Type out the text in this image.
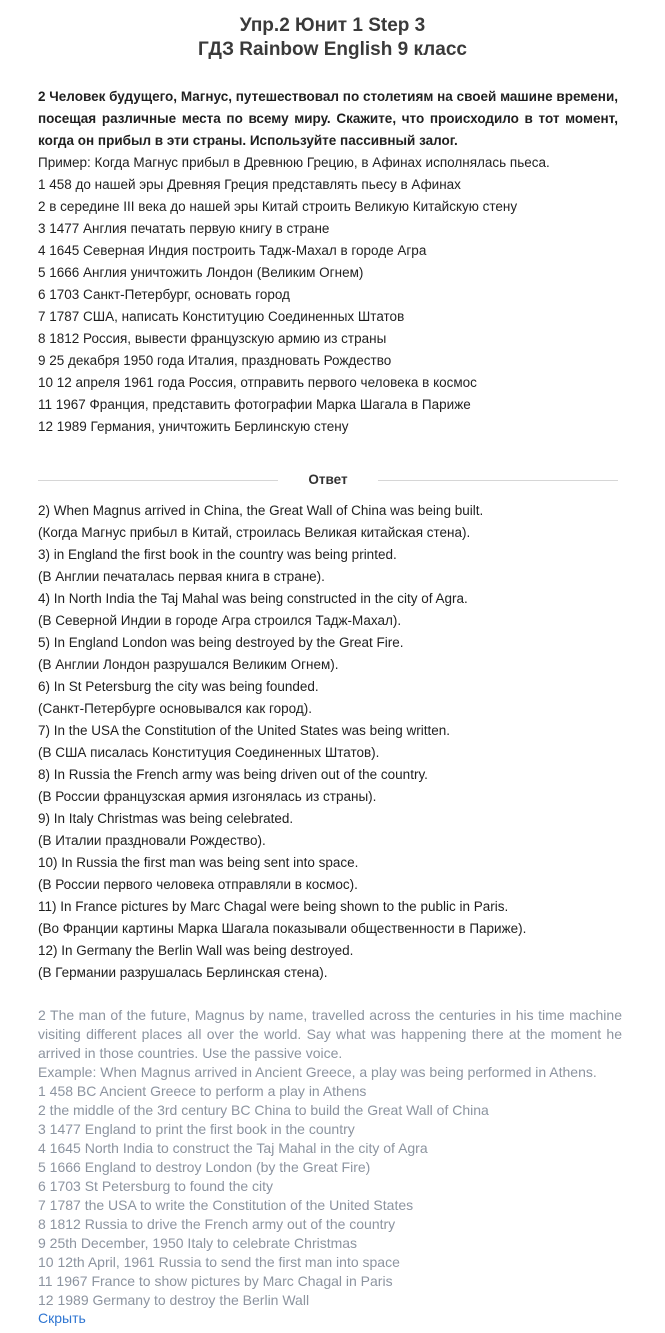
Упр.2 Юнит 1 Step 3
ГДЗ Rainbow English 9 класс
2 Человек будущего, Магнус, путешествовал по столетиям на своей машине времени, посещая различные места по всему миру. Скажите, что происходило в тот момент, когда он прибыл в эти страны. Используйте пассивный залог.
Пример: Когда Магнус прибыл в Древнюю Грецию, в Афинах исполнялась пьеса.
1 458 до нашей эры Древняя Греция представлять пьесу в Афинах
2 в середине III века до нашей эры Китай строить Великую Китайскую стену
3 1477 Англия печатать первую книгу в стране
4 1645 Северная Индия построить Тадж-Махал в городе Агра
5 1666 Англия уничтожить Лондон (Великим Огнем)
6 1703 Санкт-Петербург, основать город
7 1787 США, написать Конституцию Соединенных Штатов
8 1812 Россия, вывести французскую армию из страны
9 25 декабря 1950 года Италия, праздновать Рождество
10 12 апреля 1961 года Россия, отправить первого человека в космос
11 1967 Франция, представить фотографии Марка Шагала в Париже
12 1989 Германия, уничтожить Берлинскую стену
Ответ
2) When Magnus arrived in China, the Great Wall of China was being built.
(Когда Магнус прибыл в Китай, строилась Великая китайская стена).
3) in England the first book in the country was being printed.
(В Англии печаталась первая книга в стране).
4) In North India the Taj Mahal was being constructed in the city of Agra.
(В Северной Индии в городе Агра строился Тадж-Махал).
5) In England London was being destroyed by the Great Fire.
(В Англии Лондон разрушался Великим Огнем).
6) In St Petersburg the city was being founded.
(Санкт-Петербурге основывался как город).
7) In the USA the Constitution of the United States was being written.
(В США писалась Конституция Соединенных Штатов).
8) In Russia the French army was being driven out of the country.
(В России французская армия изгонялась из страны).
9) In Italy Christmas was being celebrated.
(В Италии праздновали Рождество).
10) In Russia the first man was being sent into space.
(В России первого человека отправляли в космос).
11) In France pictures by Marc Chagal were being shown to the public in Paris.
(Во Франции картины Марка Шагала показывали общественности в Париже).
12) In Germany the Berlin Wall was being destroyed.
(В Германии разрушалась Берлинская стена).
2 The man of the future, Magnus by name, travelled across the centuries in his time machine visiting different places all over the world. Say what was happening there at the moment he arrived in those countries. Use the passive voice.
Example: When Magnus arrived in Ancient Greece, a play was being performed in Athens.
1 458 BC Ancient Greece to perform a play in Athens
2 the middle of the 3rd century BC China to build the Great Wall of China
3 1477 England to print the first book in the country
4 1645 North India to construct the Taj Mahal in the city of Agra
5 1666 England to destroy London (by the Great Fire)
6 1703 St Petersburg to found the city
7 1787 the USA to write the Constitution of the United States
8 1812 Russia to drive the French army out of the country
9 25th December, 1950 Italy to celebrate Christmas
10 12th April, 1961 Russia to send the first man into space
11 1967 France to show pictures by Marc Chagal in Paris
12 1989 Germany to destroy the Berlin Wall
Скрыть
